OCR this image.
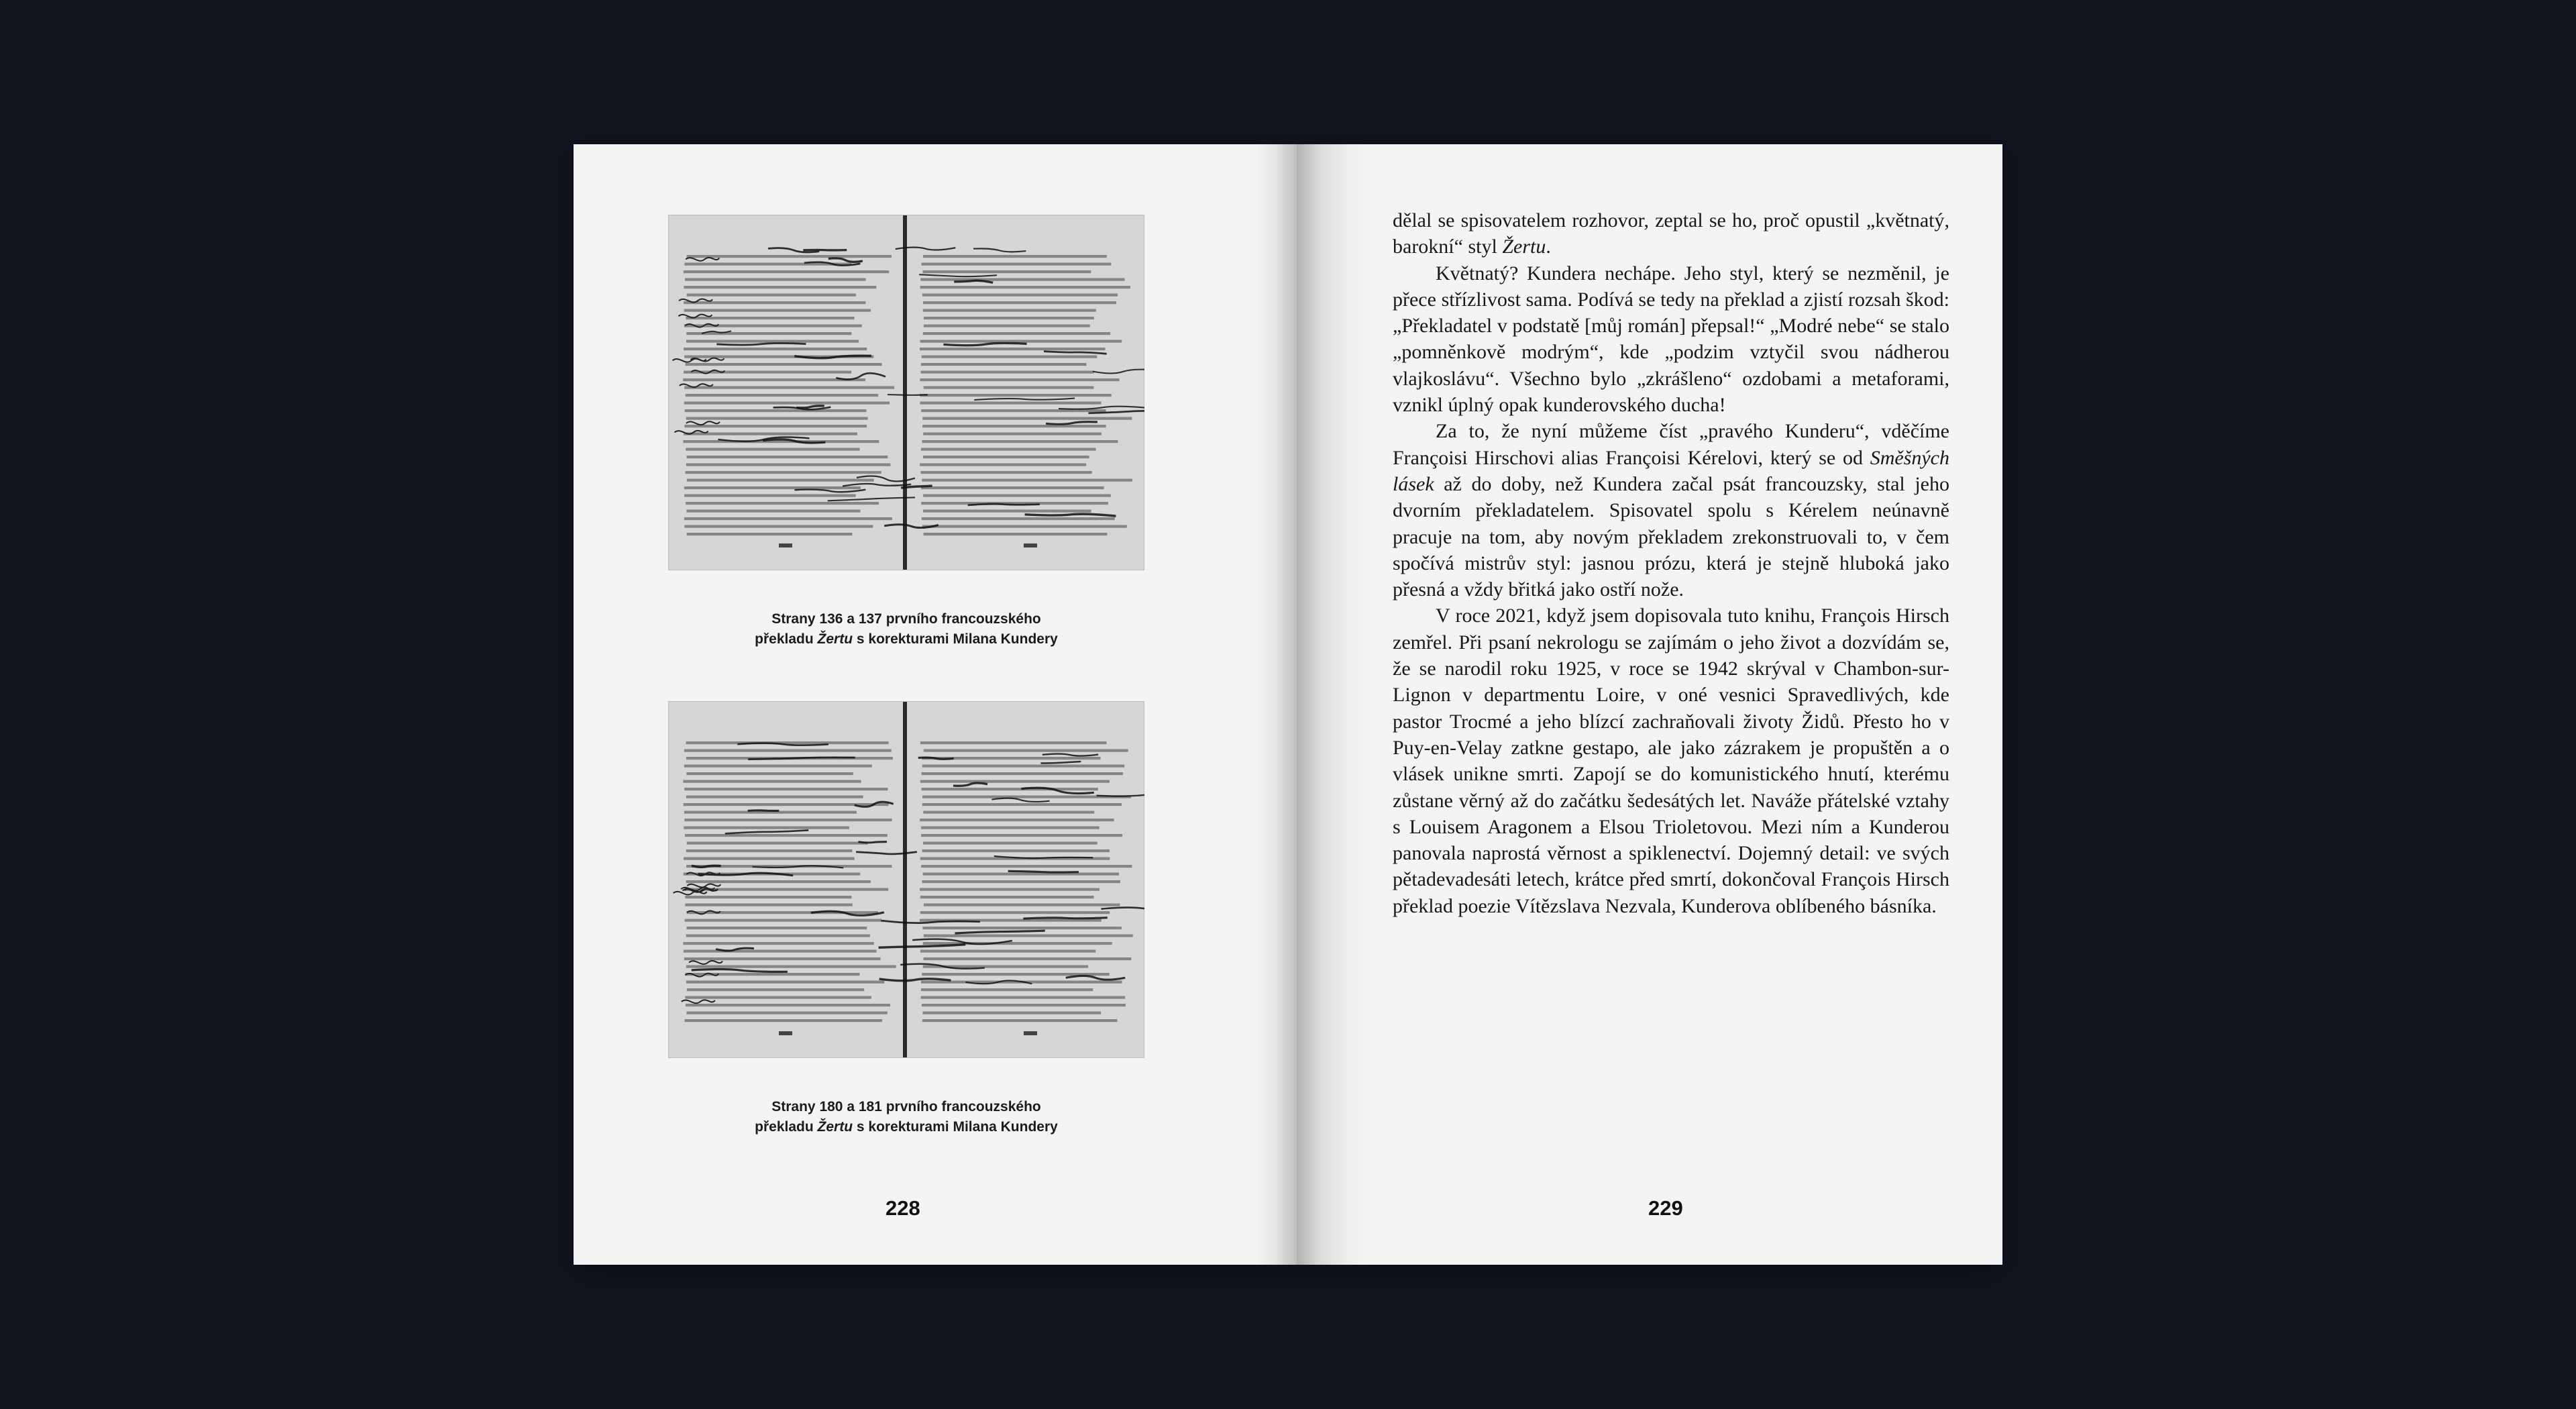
Strany 136 a 137 prvního francouzského
překladu Žertu s korekturami Milana Kundery
Strany 180 a 181 prvního francouzského
překladu Žertu s korekturami Milana Kundery
228

dělal se spisovatelem rozhovor, zeptal se ho, proč opustil „květnatý, barokní“ styl Žertu.

Květnatý? Kundera nechápe. Jeho styl, který se nezměnil, je přece střízlivost sama. Podívá se tedy na překlad a zjistí rozsah škod: „Překladatel v podstatě [můj román] přepsal!“ „Modré nebe“ se stalo „pomněnkově modrým“, kde „podzim vztyčil svou nádherou vlajkoslávu“. Všechno bylo „zkrášleno“ ozdobami a metaforami, vznikl úplný opak kunderovského ducha!

Za to, že nyní můžeme číst „pravého Kunderu“, vděčíme Françoisi Hirschovi alias Françoisi Kérelovi, který se od Směšných lásek až do doby, než Kundera začal psát francouzsky, stal jeho dvorním překladatelem. Spisovatel spolu s Kérelem neúnavně pracuje na tom, aby novým překladem zrekonstruovali to, v čem spočívá mistrův styl: jasnou prózu, která je stejně hluboká jako přesná a vždy břitká jako ostří nože.

V roce 2021, když jsem dopisovala tuto knihu, François Hirsch zemřel. Při psaní nekrologu se zajímám o jeho život a dozvídám se, že se narodil roku 1925, v roce se 1942 skrýval v Chambon-sur-Lignon v departmentu Loire, v oné vesnici Spravedlivých, kde pastor Trocmé a jeho blízcí zachraňovali životy Židů. Přesto ho v Puy-en-Velay zatkne gestapo, ale jako zázrakem je propuštěn a o vlásek unikne smrti. Zapojí se do komunistického hnutí, kterému zůstane věrný až do začátku šedesátých let. Naváže přátelské vztahy s Louisem Aragonem a Elsou Trioletovou. Mezi ním a Kunderou panovala naprostá věrnost a spiklenectví. Dojemný detail: ve svých pětadevadesáti letech, krátce před smrtí, dokončoval François Hirsch překlad poezie Vítězslava Nezvala, Kunderova oblíbeného básníka.

229
